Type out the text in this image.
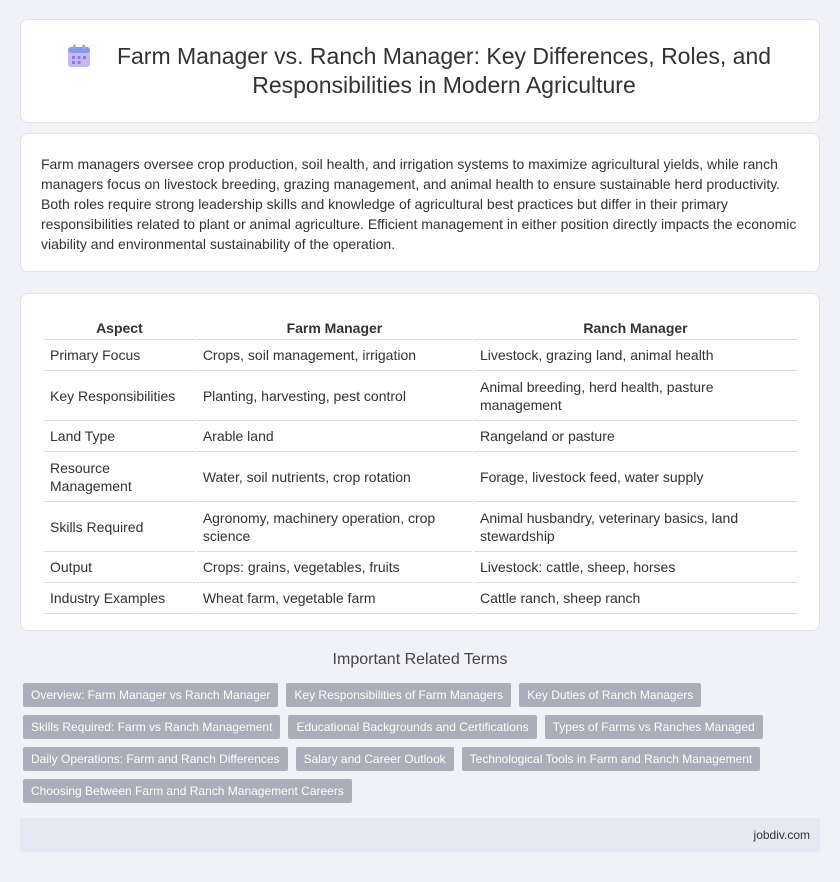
Farm Manager vs. Ranch Manager: Key Differences, Roles, and Responsibilities in Modern Agriculture

Farm managers oversee crop production, soil health, and irrigation systems to maximize agricultural yields, while ranch managers focus on livestock breeding, grazing management, and animal health to ensure sustainable herd productivity. Both roles require strong leadership skills and knowledge of agricultural best practices but differ in their primary responsibilities related to plant or animal agriculture. Efficient management in either position directly impacts the economic viability and environmental sustainability of the operation.

Aspect	Farm Manager	Ranch Manager
Primary Focus	Crops, soil management, irrigation	Livestock, grazing land, animal health
Key Responsibilities	Planting, harvesting, pest control	Animal breeding, herd health, pasture management
Land Type	Arable land	Rangeland or pasture
Resource Management	Water, soil nutrients, crop rotation	Forage, livestock feed, water supply
Skills Required	Agronomy, machinery operation, crop science	Animal husbandry, veterinary basics, land stewardship
Output	Crops: grains, vegetables, fruits	Livestock: cattle, sheep, horses
Industry Examples	Wheat farm, vegetable farm	Cattle ranch, sheep ranch
Important Related Terms
Overview: Farm Manager vs Ranch Manager	Key Responsibilities of Farm Managers	Key Duties of Ranch Managers
Skills Required: Farm vs Ranch Management	Educational Backgrounds and Certifications	Types of Farms vs Ranches Managed
Daily Operations: Farm and Ranch Differences	Salary and Career Outlook	Technological Tools in Farm and Ranch Management
Choosing Between Farm and Ranch Management Careers
jobdiv.com
